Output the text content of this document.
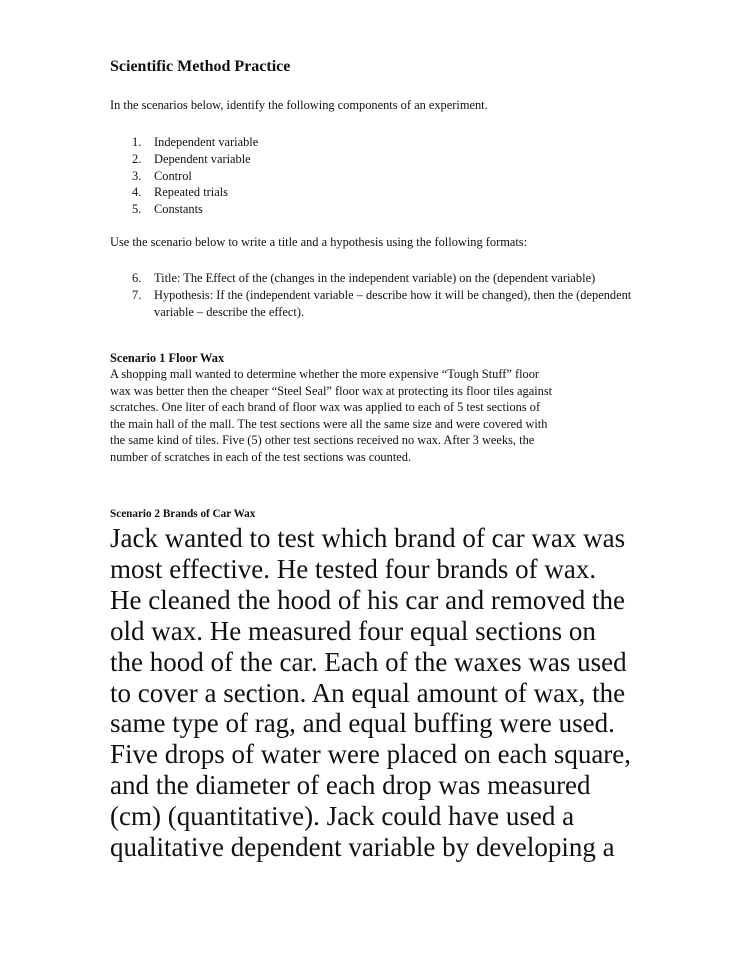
Scientific Method Practice

In the scenarios below, identify the following components of an experiment.

1. Independent variable
2. Dependent variable
3. Control
4. Repeated trials
5. Constants

Use the scenario below to write a title and a hypothesis using the following formats:

6. Title: The Effect of the (changes in the independent variable) on the (dependent variable)
7. Hypothesis: If the (independent variable – describe how it will be changed), then the (dependent variable – describe the effect).
Scenario 1 Floor Wax

A shopping mall wanted to determine whether the more expensive “Tough Stuff” floor
wax was better then the cheaper “Steel Seal” floor wax at protecting its floor tiles against
scratches. One liter of each brand of floor wax was applied to each of 5 test sections of
the main hall of the mall. The test sections were all the same size and were covered with
the same kind of tiles. Five (5) other test sections received no wax. After 3 weeks, the
number of scratches in each of the test sections was counted.

Scenario 2 Brands of Car Wax

Jack wanted to test which brand of car wax was
most effective. He tested four brands of wax.
He cleaned the hood of his car and removed the
old wax. He measured four equal sections on
the hood of the car. Each of the waxes was used
to cover a section. An equal amount of wax, the
same type of rag, and equal buffing were used.
Five drops of water were placed on each square,
and the diameter of each drop was measured
(cm) (quantitative). Jack could have used a
qualitative dependent variable by developing a
